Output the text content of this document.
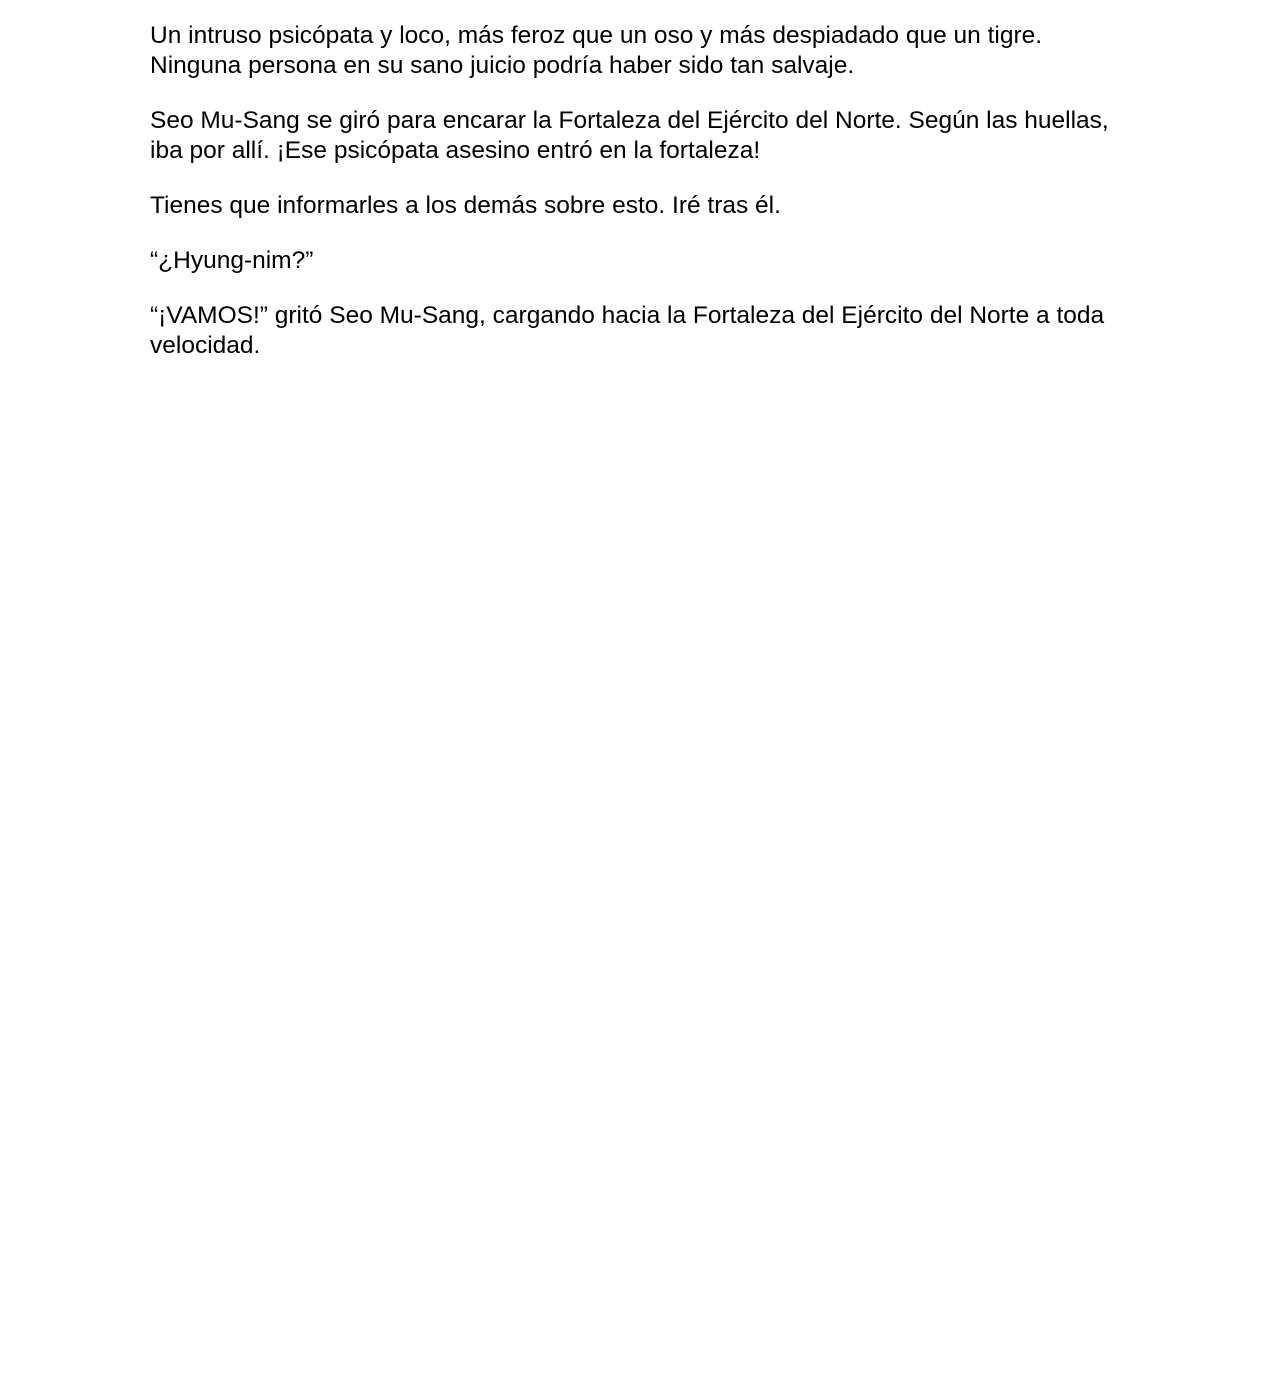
Un intruso psicópata y loco, más feroz que un oso y más despiadado que un tigre. Ninguna persona en su sano juicio podría haber sido tan salvaje.

Seo Mu-Sang se giró para encarar la Fortaleza del Ejército del Norte. Según las huellas, iba por allí. ¡Ese psicópata asesino entró en la fortaleza!

Tienes que informarles a los demás sobre esto. Iré tras él.

“¿Hyung-nim?”

“¡VAMOS!” gritó Seo Mu-Sang, cargando hacia la Fortaleza del Ejército del Norte a toda velocidad.
